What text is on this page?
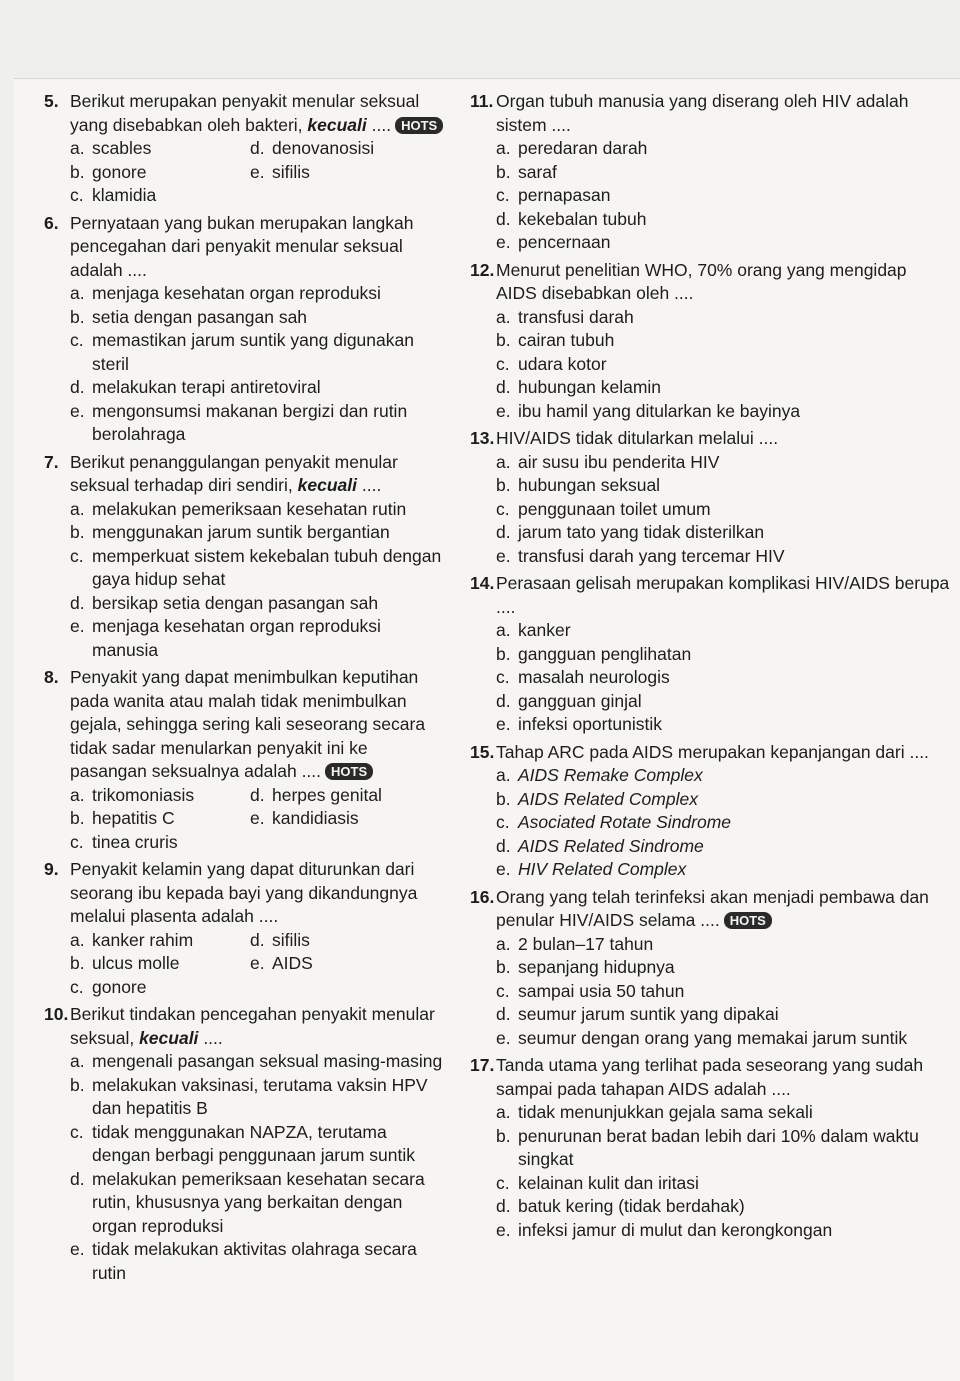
5. Berikut merupakan penyakit menular seksual yang disebabkan oleh bakteri, kecuali .... HOTS
a. scables	d. denovanosisi
b. gonore	e. sifilis
c. klamidia
6. Pernyataan yang bukan merupakan langkah pencegahan dari penyakit menular seksual adalah ....
a. menjaga kesehatan organ reproduksi
b. setia dengan pasangan sah
c. memastikan jarum suntik yang digunakan steril
d. melakukan terapi antiretoviral
e. mengonsumsi makanan bergizi dan rutin berolahraga
7. Berikut penanggulangan penyakit menular seksual terhadap diri sendiri, kecuali ....
a. melakukan pemeriksaan kesehatan rutin
b. menggunakan jarum suntik bergantian
c. memperkuat sistem kekebalan tubuh dengan gaya hidup sehat
d. bersikap setia dengan pasangan sah
e. menjaga kesehatan organ reproduksi manusia
8. Penyakit yang dapat menimbulkan keputihan pada wanita atau malah tidak menimbulkan gejala, sehingga sering kali seseorang secara tidak sadar menularkan penyakit ini ke pasangan seksualnya adalah .... HOTS
a. trikomoniasis	d. herpes genital
b. hepatitis C	e. kandidiasis
c. tinea cruris
9. Penyakit kelamin yang dapat diturunkan dari seorang ibu kepada bayi yang dikandungnya melalui plasenta adalah ....
a. kanker rahim	d. sifilis
b. ulcus molle	e. AIDS
c. gonore
10. Berikut tindakan pencegahan penyakit menular seksual, kecuali ....
a. mengenali pasangan seksual masing-masing
b. melakukan vaksinasi, terutama vaksin HPV dan hepatitis B
c. tidak menggunakan NAPZA, terutama dengan berbagi penggunaan jarum suntik
d. melakukan pemeriksaan kesehatan secara rutin, khususnya yang berkaitan dengan organ reproduksi
e. tidak melakukan aktivitas olahraga secara rutin
11. Organ tubuh manusia yang diserang oleh HIV adalah sistem ....
a. peredaran darah
b. saraf
c. pernapasan
d. kekebalan tubuh
e. pencernaan
12. Menurut penelitian WHO, 70% orang yang mengidap AIDS disebabkan oleh ....
a. transfusi darah
b. cairan tubuh
c. udara kotor
d. hubungan kelamin
e. ibu hamil yang ditularkan ke bayinya
13. HIV/AIDS tidak ditularkan melalui ....
a. air susu ibu penderita HIV
b. hubungan seksual
c. penggunaan toilet umum
d. jarum tato yang tidak disterilkan
e. transfusi darah yang tercemar HIV
14. Perasaan gelisah merupakan komplikasi HIV/AIDS berupa ....
a. kanker
b. gangguan penglihatan
c. masalah neurologis
d. gangguan ginjal
e. infeksi oportunistik
15. Tahap ARC pada AIDS merupakan kepanjangan dari ....
a. AIDS Remake Complex
b. AIDS Related Complex
c. Asociated Rotate Sindrome
d. AIDS Related Sindrome
e. HIV Related Complex
16. Orang yang telah terinfeksi akan menjadi pembawa dan penular HIV/AIDS selama .... HOTS
a. 2 bulan–17 tahun
b. sepanjang hidupnya
c. sampai usia 50 tahun
d. seumur jarum suntik yang dipakai
e. seumur dengan orang yang memakai jarum suntik
17. Tanda utama yang terlihat pada seseorang yang sudah sampai pada tahapan AIDS adalah ....
a. tidak menunjukkan gejala sama sekali
b. penurunan berat badan lebih dari 10% dalam waktu singkat
c. kelainan kulit dan iritasi
d. batuk kering (tidak berdahak)
e. infeksi jamur di mulut dan kerongkongan
